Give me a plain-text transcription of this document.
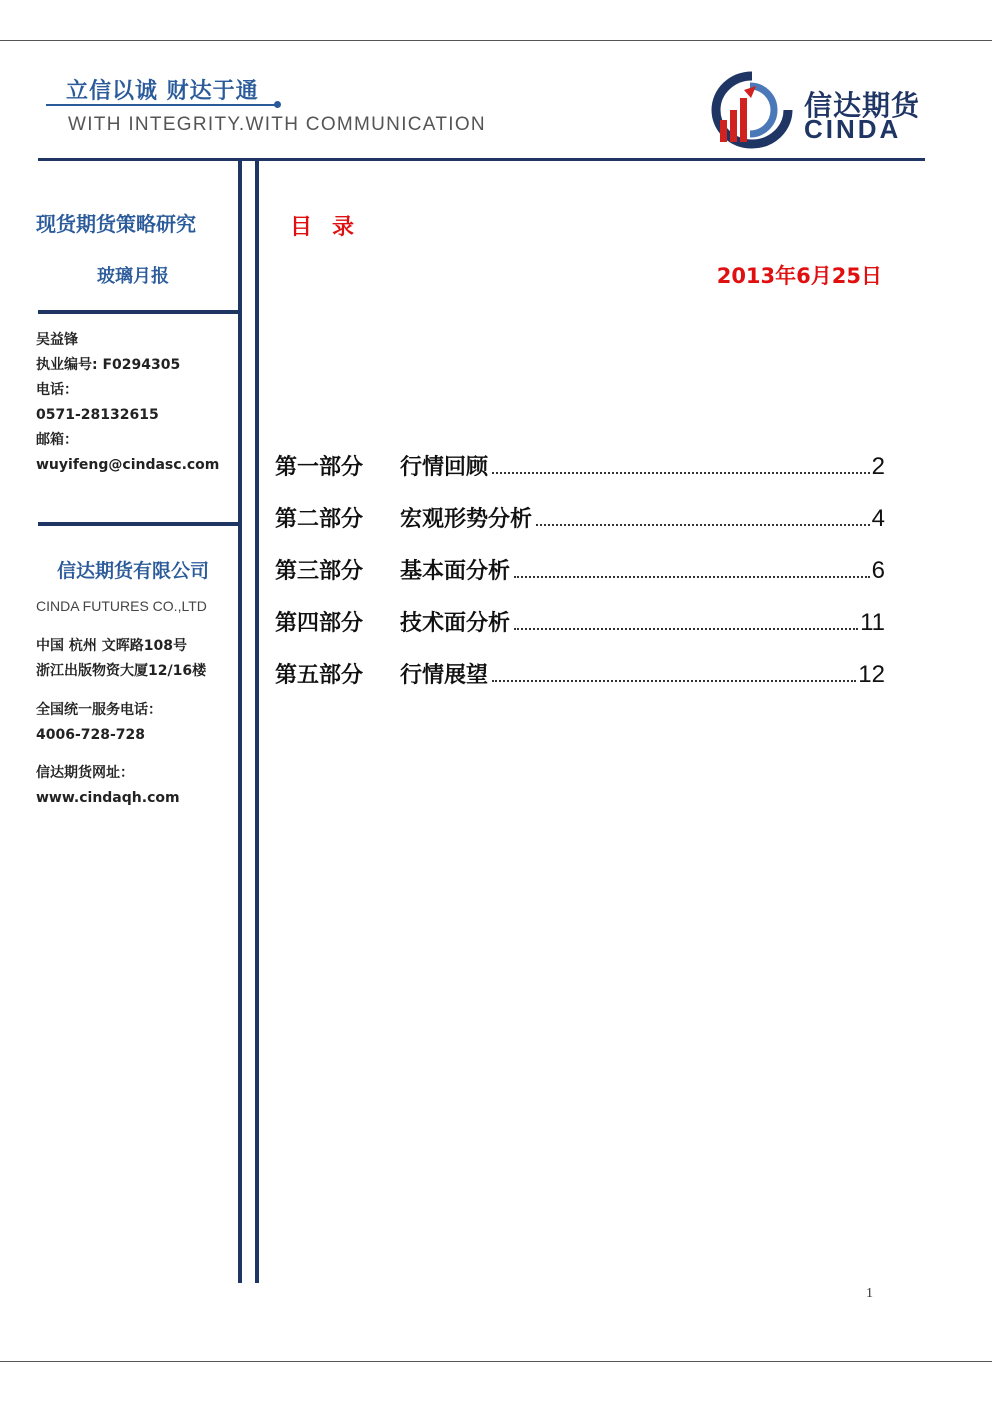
立信以诚 财达于通
WITH INTEGRITY.WITH COMMUNICATION
信达期货
CINDA
现货期货策略研究
玻璃月报
吴益锋
执业编号: F0294305
电话：
0571-28132615
邮箱：
wuyifeng@cindasc.com
信达期货有限公司
CINDA FUTURES CO.,LTD
中国 杭州 文晖路108号
浙江出版物资大厦12/16楼
全国统一服务电话：
4006-728-728
信达期货网址：
www.cindaqh.com
目录
2013年6月25日
第一部分	行情回顾	2
第二部分	宏观形势分析	4
第三部分	基本面分析	6
第四部分	技术面分析	11
第五部分	行情展望	12
1
